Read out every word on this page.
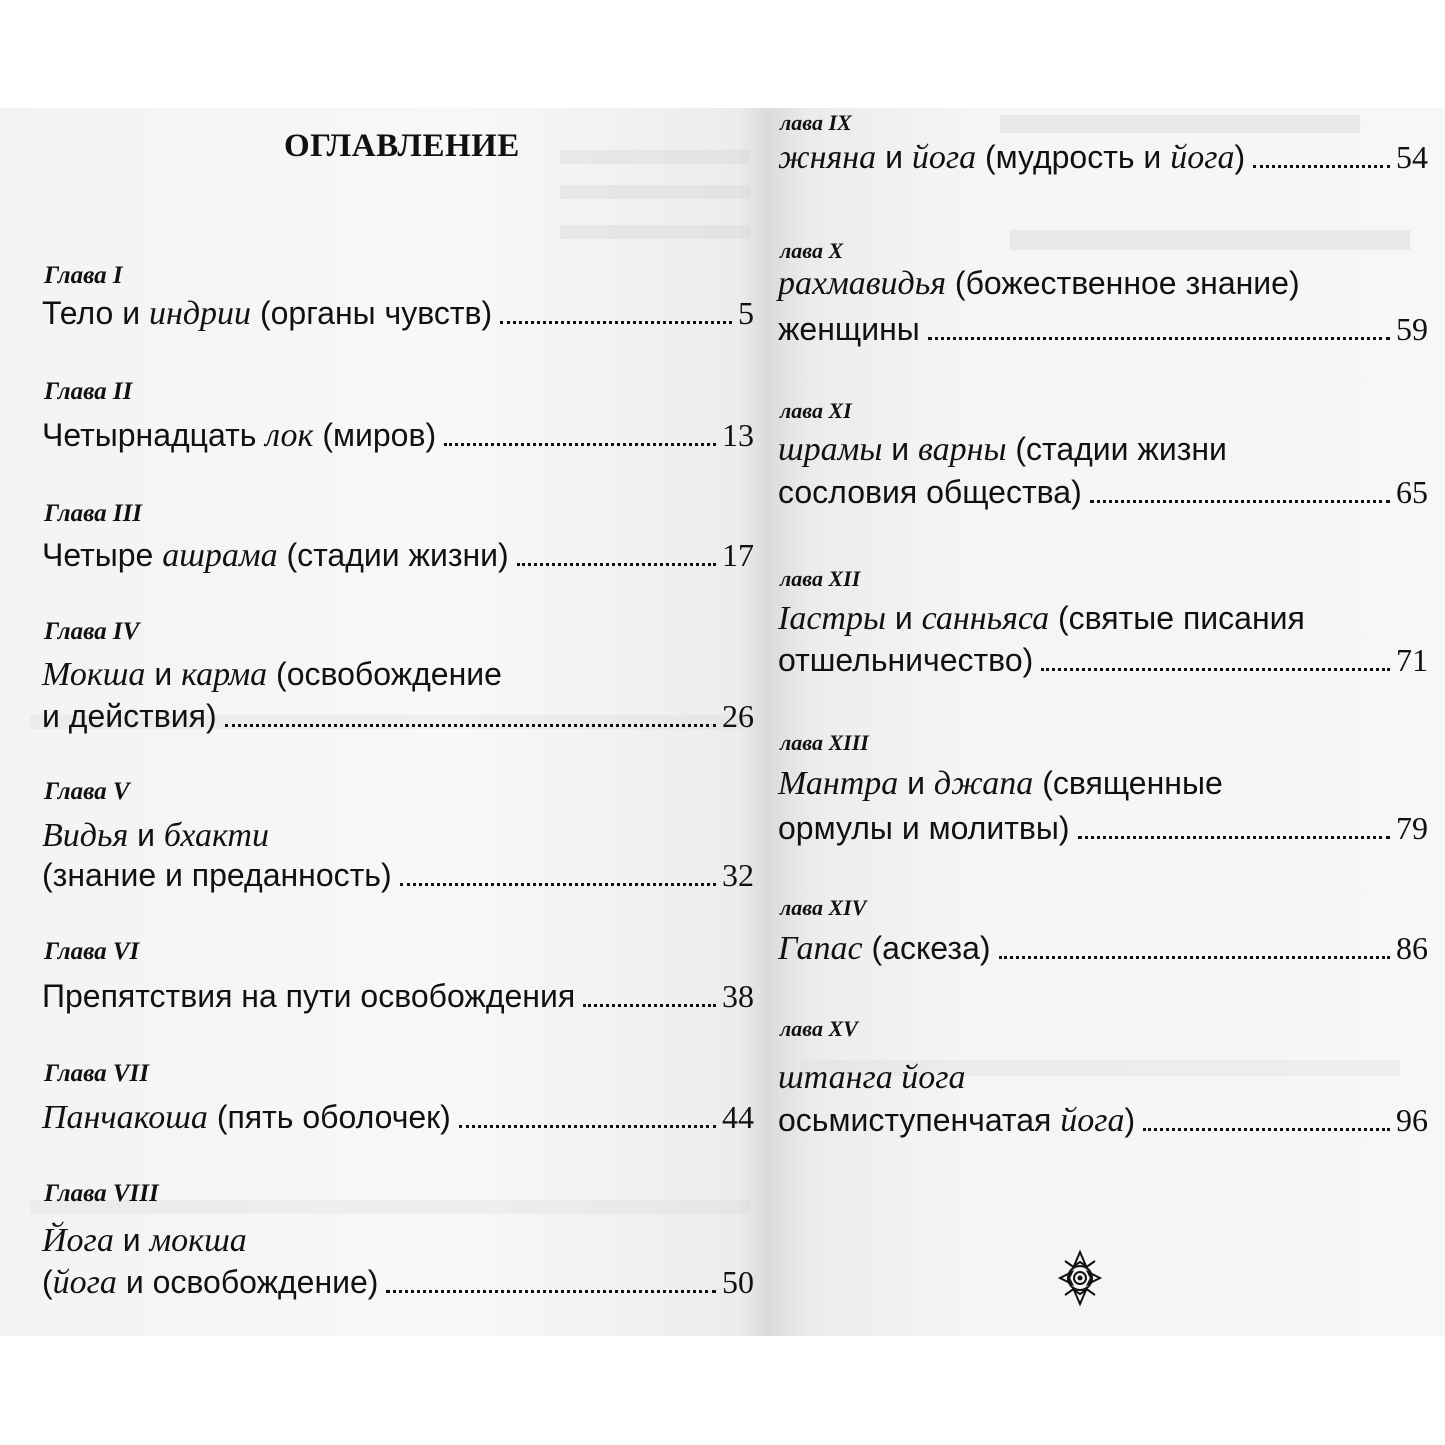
ОГЛАВЛЕНИЕ
Глава I
Тело и индрии (органы чувств)	5
Глава II
Четырнадцать лок (миров)	13
Глава III
Четыре ашрама (стадии жизни)	17
Глава IV
Мокша и карма (освобождение
и действия)	26
Глава V
Видья и бхакти
(знание и преданность)	32
Глава VI
Препятствия на пути освобождения	38
Глава VII
Панчакоша (пять оболочек)	44
Глава VIII
Йога и мокша
( йога и освобождение)	50
лава IX
жняна и йога (мудрость и йога )	54
лава X
рахмавидья (божественное знание)
женщины	59
лава XI
шрамы и варны (стадии жизни
сословия общества)	65
лава XII
Іастры и санньяса (святые писания
отшельничество)	71
лава XIII
Мантра и джапа (священные
ормулы и молитвы)	79
лава XIV
Гапас (аскеза)	86
лава XV
штанга йога
осьмиступенчатая йога )	96
